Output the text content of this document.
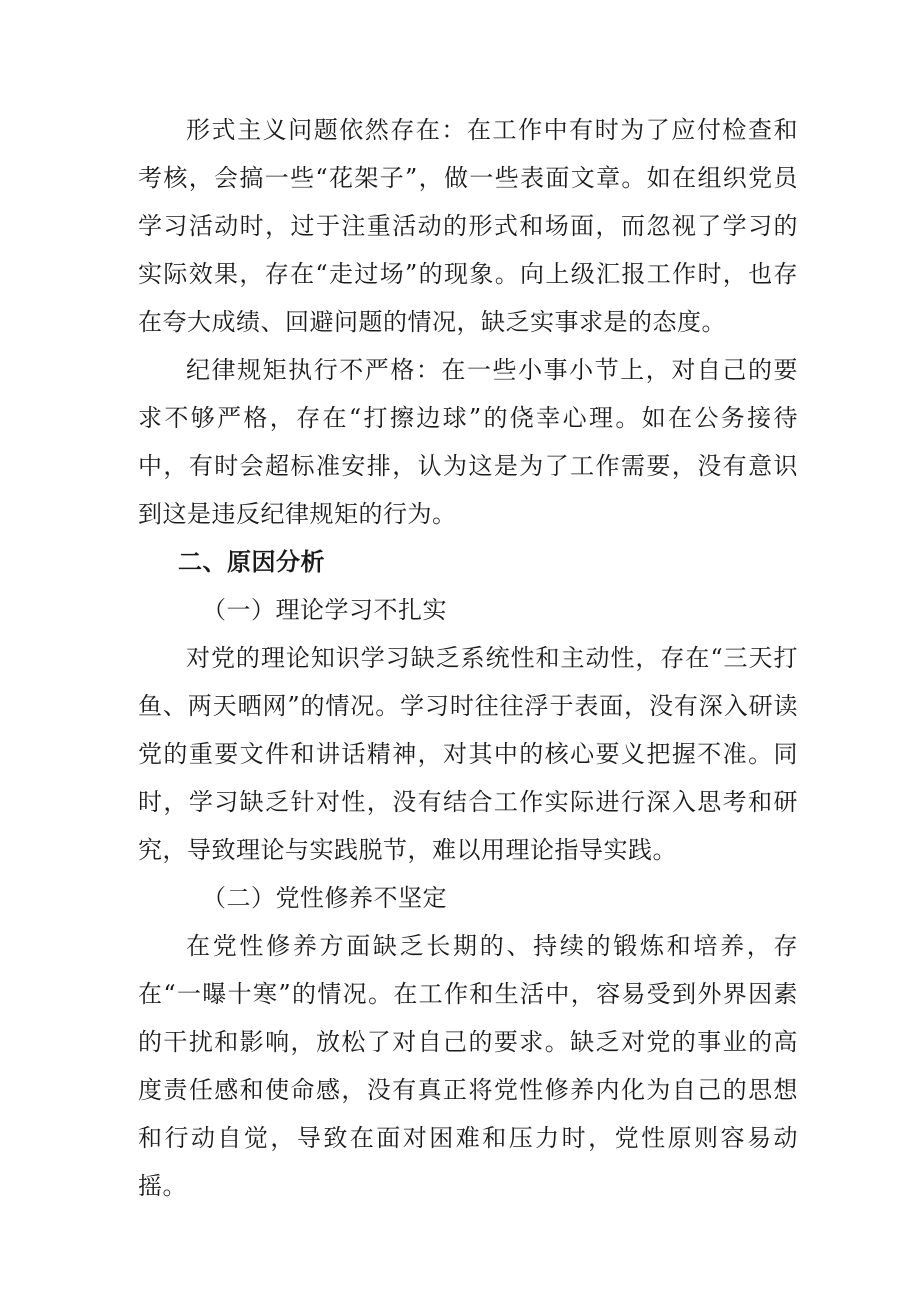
形式主义问题依然存在：在工作中有时为了应付检查和考核，会搞一些“花架子”，做一些表面文章。如在组织党员学习活动时，过于注重活动的形式和场面，而忽视了学习的实际效果，存在“走过场”的现象。向上级汇报工作时，也存在夸大成绩、回避问题的情况，缺乏实事求是的态度。

纪律规矩执行不严格：在一些小事小节上，对自己的要求不够严格，存在“打擦边球”的侥幸心理。如在公务接待中，有时会超标准安排，认为这是为了工作需要，没有意识到这是违反纪律规矩的行为。

二、原因分析

（一）理论学习不扎实

对党的理论知识学习缺乏系统性和主动性，存在“三天打鱼、两天晒网”的情况。学习时往往浮于表面，没有深入研读党的重要文件和讲话精神，对其中的核心要义把握不准。同时，学习缺乏针对性，没有结合工作实际进行深入思考和研究，导致理论与实践脱节，难以用理论指导实践。

（二）党性修养不坚定

在党性修养方面缺乏长期的、持续的锻炼和培养，存在“一曝十寒”的情况。在工作和生活中，容易受到外界因素的干扰和影响，放松了对自己的要求。缺乏对党的事业的高度责任感和使命感，没有真正将党性修养内化为自己的思想和行动自觉，导致在面对困难和压力时，党性原则容易动摇。
